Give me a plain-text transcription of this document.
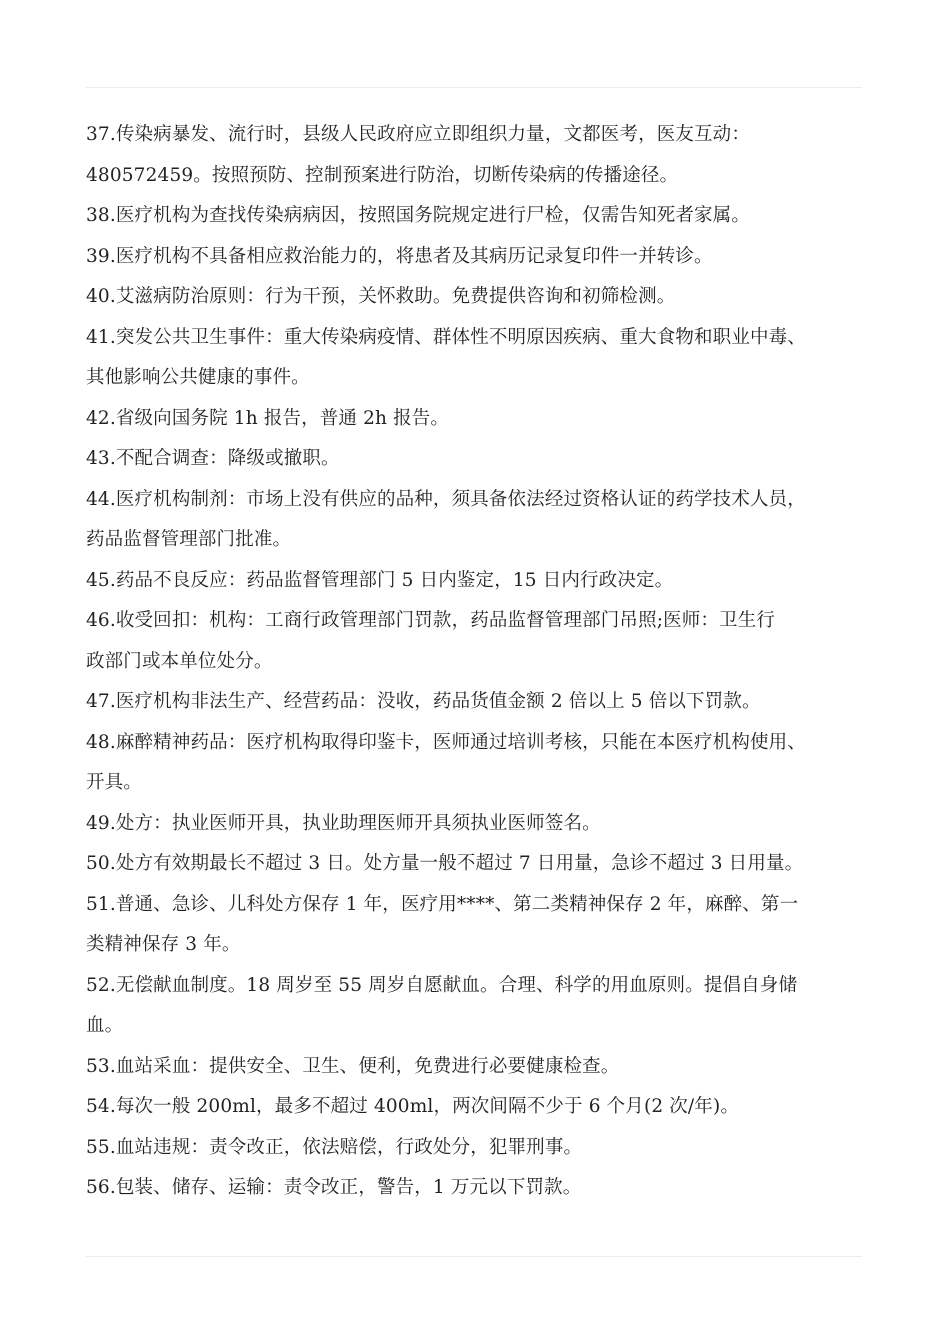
37.传染病暴发、流行时，县级人民政府应立即组织力量，文都医考，医友互动：
480572459。按照预防、控制预案进行防治，切断传染病的传播途径。
38.医疗机构为查找传染病病因，按照国务院规定进行尸检，仅需告知死者家属。
39.医疗机构不具备相应救治能力的，将患者及其病历记录复印件一并转诊。
40.艾滋病防治原则：行为干预，关怀救助。免费提供咨询和初筛检测。
41.突发公共卫生事件：重大传染病疫情、群体性不明原因疾病、重大食物和职业中毒、
其他影响公共健康的事件。
42.省级向国务院 1h 报告，普通 2h 报告。
43.不配合调查：降级或撤职。
44.医疗机构制剂：市场上没有供应的品种，须具备依法经过资格认证的药学技术人员，
药品监督管理部门批准。
45.药品不良反应：药品监督管理部门 5 日内鉴定，15 日内行政决定。
46.收受回扣：机构：工商行政管理部门罚款，药品监督管理部门吊照;医师：卫生行
政部门或本单位处分。
47.医疗机构非法生产、经营药品：没收，药品货值金额 2 倍以上 5 倍以下罚款。
48.麻醉精神药品：医疗机构取得印鉴卡，医师通过培训考核，只能在本医疗机构使用、
开具。
49.处方：执业医师开具，执业助理医师开具须执业医师签名。
50.处方有效期最长不超过 3 日。处方量一般不超过 7 日用量，急诊不超过 3 日用量。
51.普通、急诊、儿科处方保存 1 年，医疗用****、第二类精神保存 2 年，麻醉、第一
类精神保存 3 年。
52.无偿献血制度。18 周岁至 55 周岁自愿献血。合理、科学的用血原则。提倡自身储
血。
53.血站采血：提供安全、卫生、便利，免费进行必要健康检查。
54.每次一般 200ml，最多不超过 400ml，两次间隔不少于 6 个月(2 次/年)。
55.血站违规：责令改正，依法赔偿，行政处分，犯罪刑事。
56.包装、储存、运输：责令改正，警告，1 万元以下罚款。
